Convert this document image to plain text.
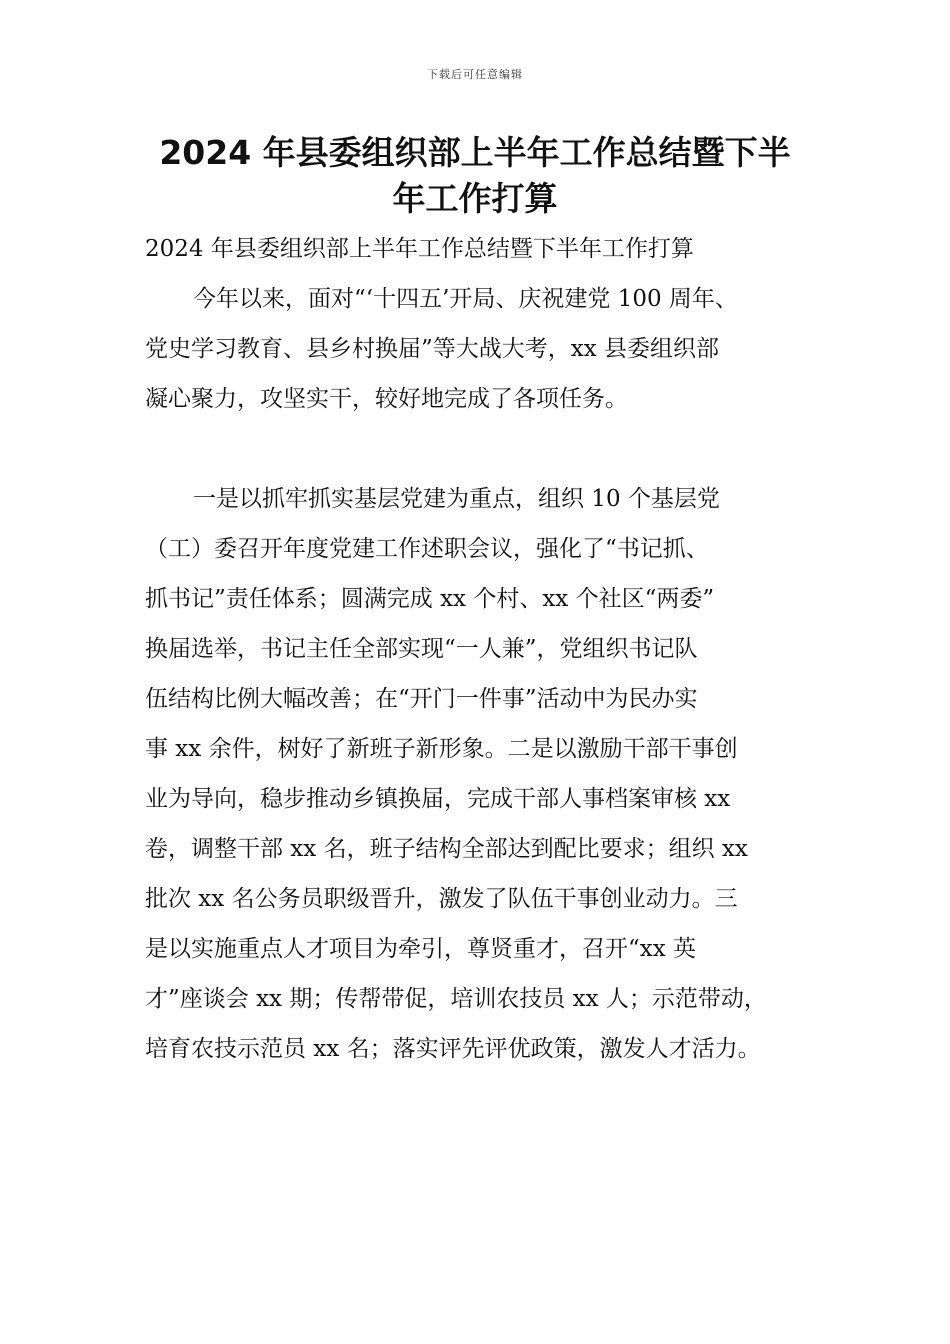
下载后可任意编辑
2024 年县委组织部上半年工作总结暨下半
年工作打算
2024 年县委组织部上半年工作总结暨下半年工作打算
今年以来，面对“‘十四五’开局、庆祝建党 100 周年、
党史学习教育、县乡村换届”等大战大考，xx 县委组织部
凝心聚力，攻坚实干，较好地完成了各项任务。
一是以抓牢抓实基层党建为重点，组织 10 个基层党
（工）委召开年度党建工作述职会议，强化了“书记抓、
抓书记”责任体系；圆满完成 xx 个村、xx 个社区“两委”
换届选举，书记主任全部实现“一人兼”，党组织书记队
伍结构比例大幅改善；在“开门一件事”活动中为民办实
事 xx 余件，树好了新班子新形象。二是以激励干部干事创
业为导向，稳步推动乡镇换届，完成干部人事档案审核 xx
卷，调整干部 xx 名，班子结构全部达到配比要求；组织 xx
批次 xx 名公务员职级晋升，激发了队伍干事创业动力。三
是以实施重点人才项目为牵引，尊贤重才，召开“xx 英
才”座谈会 xx 期；传帮带促，培训农技员 xx 人；示范带动，
培育农技示范员 xx 名；落实评先评优政策，激发人才活力。
